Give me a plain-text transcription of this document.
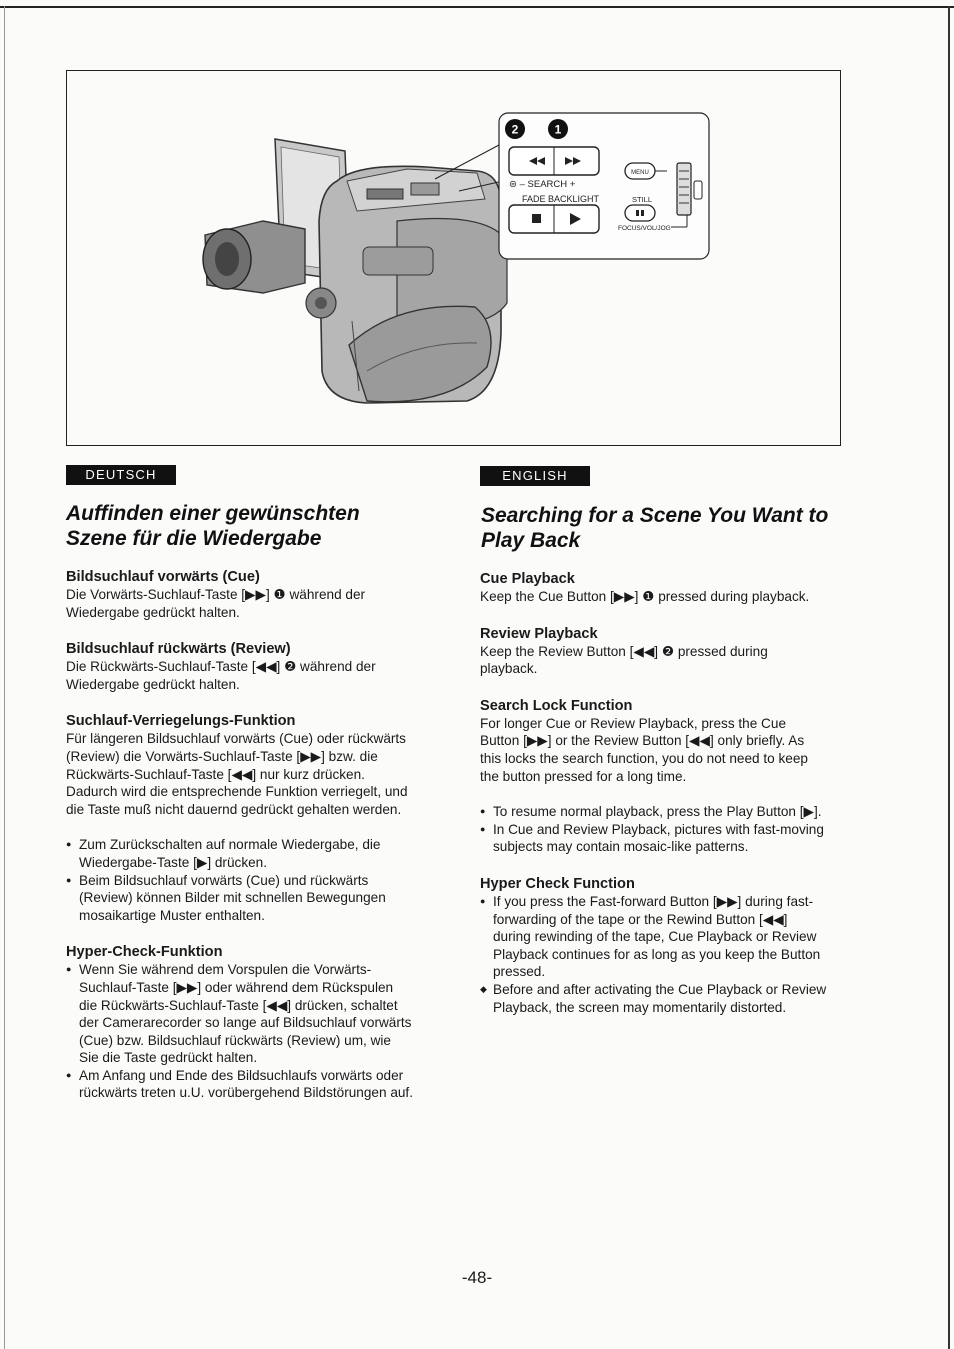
2	1
⊜ – SEARCH +
FADE BACKLIGHT
MENU
STILL
FOCUS/VOL/JOG
DEUTSCH
Auffinden einer gewünschten
Szene für die Wiedergabe
Bildsuchlauf vorwärts (Cue)

Die Vorwärts-Suchlauf-Taste [▶▶] ❶ während der

Wiedergabe gedrückt halten.

Bildsuchlauf rückwärts (Review)

Die Rückwärts-Suchlauf-Taste [◀◀] ❷ während der

Wiedergabe gedrückt halten.

Suchlauf-Verriegelungs-Funktion

Für längeren Bildsuchlauf vorwärts (Cue) oder rückwärts

(Review) die Vorwärts-Suchlauf-Taste [▶▶] bzw. die

Rückwärts-Suchlauf-Taste [◀◀] nur kurz drücken.

Dadurch wird die entsprechende Funktion verriegelt, und

die Taste muß nicht dauernd gedrückt gehalten werden.

● Zum Zurückschalten auf normale Wiedergabe, die
Wiedergabe-Taste [▶] drücken.
● Beim Bildsuchlauf vorwärts (Cue) und rückwärts
(Review) können Bilder mit schnellen Bewegungen
mosaikartige Muster enthalten.
Hyper-Check-Funktion
● Wenn Sie während dem Vorspulen die Vorwärts-
Suchlauf-Taste [▶▶] oder während dem Rückspulen
die Rückwärts-Suchlauf-Taste [◀◀] drücken, schaltet
der Camerarecorder so lange auf Bildsuchlauf vorwärts
(Cue) bzw. Bildsuchlauf rückwärts (Review) um, wie
Sie die Taste gedrückt halten.
● Am Anfang und Ende des Bildsuchlaufs vorwärts oder
rückwärts treten u.U. vorübergehend Bildstörungen auf.
ENGLISH
Searching for a Scene You Want to
Play Back
Cue Playback

Keep the Cue Button [▶▶] ❶ pressed during playback.

Review Playback

Keep the Review Button [◀◀] ❷ pressed during

playback.

Search Lock Function

For longer Cue or Review Playback, press the Cue

Button [▶▶] or the Review Button [◀◀] only briefly. As

this locks the search function, you do not need to keep

the button pressed for a long time.

● To resume normal playback, press the Play Button [▶].
● In Cue and Review Playback, pictures with fast-moving
subjects may contain mosaic-like patterns.
Hyper Check Function
● If you press the Fast-forward Button [▶▶] during fast-
forwarding of the tape or the Rewind Button [◀◀]
during rewinding of the tape, Cue Playback or Review
Playback continues for as long as you keep the Button
pressed.
◆ Before and after activating the Cue Playback or Review
Playback, the screen may momentarily distorted.
-48-
